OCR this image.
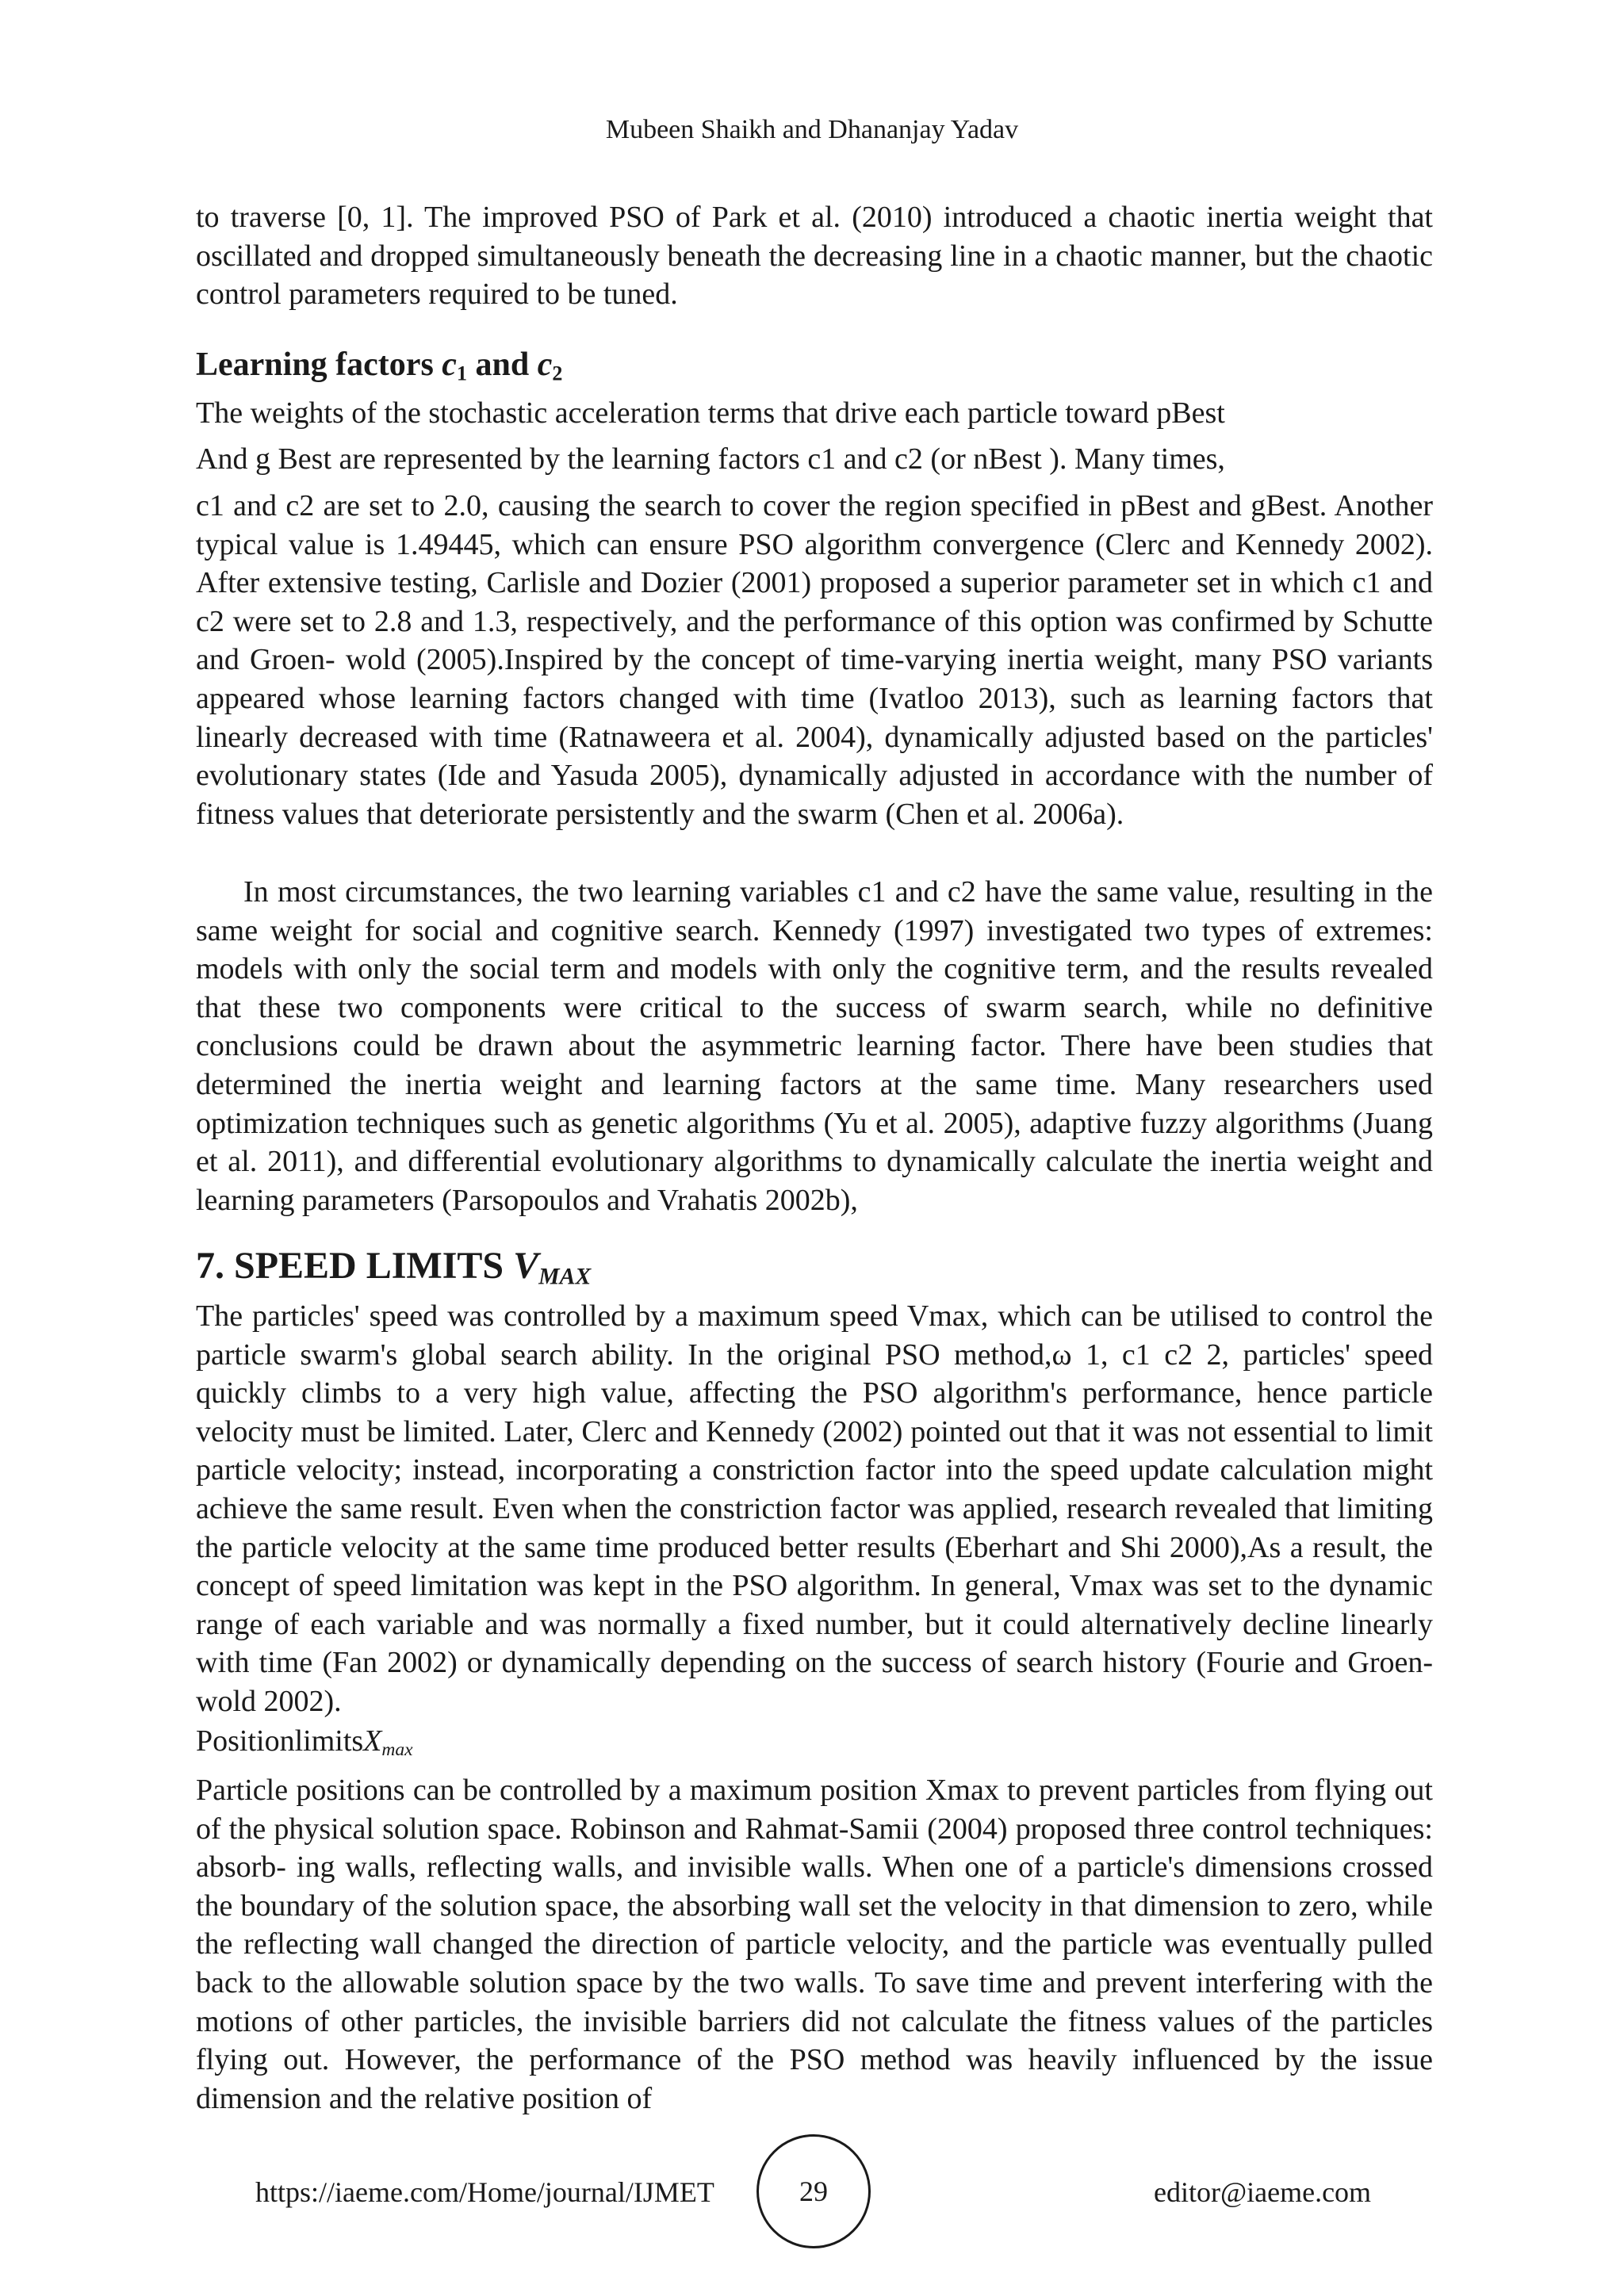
Mubeen Shaikh and Dhananjay Yadav

to traverse [0, 1]. The improved PSO of Park et al. (2010) introduced a chaotic inertia weight that oscillated and dropped simultaneously beneath the decreasing line in a chaotic manner, but the chaotic control parameters required to be tuned.

Learning factors $c_1$ and $c_2$

The weights of the stochastic acceleration terms that drive each particle toward pBest

And g Best are represented by the learning factors c1 and c2 (or nBest ). Many times,

c1 and c2 are set to 2.0, causing the search to cover the region specified in pBest and gBest. Another typical value is 1.49445, which can ensure PSO algorithm convergence (Clerc and Kennedy 2002). After extensive testing, Carlisle and Dozier (2001) proposed a superior parameter set in which c1 and c2 were set to 2.8 and 1.3, respectively, and the performance of this option was confirmed by Schutte and Groen- wold (2005).Inspired by the concept of time-varying inertia weight, many PSO variants appeared whose learning factors changed with time (Ivatloo 2013), such as learning factors that linearly decreased with time (Ratnaweera et al. 2004), dynamically adjusted based on the particles' evolutionary states (Ide and Yasuda 2005), dynamically adjusted in accordance with the number of fitness values that deteriorate persistently and the swarm (Chen et al. 2006a).

In most circumstances, the two learning variables c1 and c2 have the same value, resulting in the same weight for social and cognitive search. Kennedy (1997) investigated two types of extremes: models with only the social term and models with only the cognitive term, and the results revealed that these two components were critical to the success of swarm search, while no definitive conclusions could be drawn about the asymmetric learning factor. There have been studies that determined the inertia weight and learning factors at the same time. Many researchers used optimization techniques such as genetic algorithms (Yu et al. 2005), adaptive fuzzy algorithms (Juang et al. 2011), and differential evolutionary algorithms to dynamically calculate the inertia weight and learning parameters (Parsopoulos and Vrahatis 2002b),

7. SPEED LIMITS $V_{MAX}$

The particles' speed was controlled by a maximum speed Vmax, which can be utilised to control the particle swarm's global search ability. In the original PSO method,ω 1, c1 c2 2, particles' speed quickly climbs to a very high value, affecting the PSO algorithm's performance, hence particle velocity must be limited. Later, Clerc and Kennedy (2002) pointed out that it was not essential to limit particle velocity; instead, incorporating a constriction factor into the speed update calculation might achieve the same result. Even when the constriction factor was applied, research revealed that limiting the particle velocity at the same time produced better results (Eberhart and Shi 2000),As a result, the concept of speed limitation was kept in the PSO algorithm. In general, Vmax was set to the dynamic range of each variable and was normally a fixed number, but it could alternatively decline linearly with time (Fan 2002) or dynamically depending on the success of search history (Fourie and Groen- wold 2002).

PositionlimitsX$_{max}$

Particle positions can be controlled by a maximum position Xmax to prevent particles from flying out of the physical solution space. Robinson and Rahmat-Samii (2004) proposed three control techniques: absorb- ing walls, reflecting walls, and invisible walls. When one of a particle's dimensions crossed the boundary of the solution space, the absorbing wall set the velocity in that dimension to zero, while the reflecting wall changed the direction of particle velocity, and the particle was eventually pulled back to the allowable solution space by the two walls. To save time and prevent interfering with the motions of other particles, the invisible barriers did not calculate the fitness values of the particles flying out. However, the performance of the PSO method was heavily influenced by the issue dimension and the relative position of

https://iaeme.com/Home/journal/IJMET	29	editor@iaeme.com
